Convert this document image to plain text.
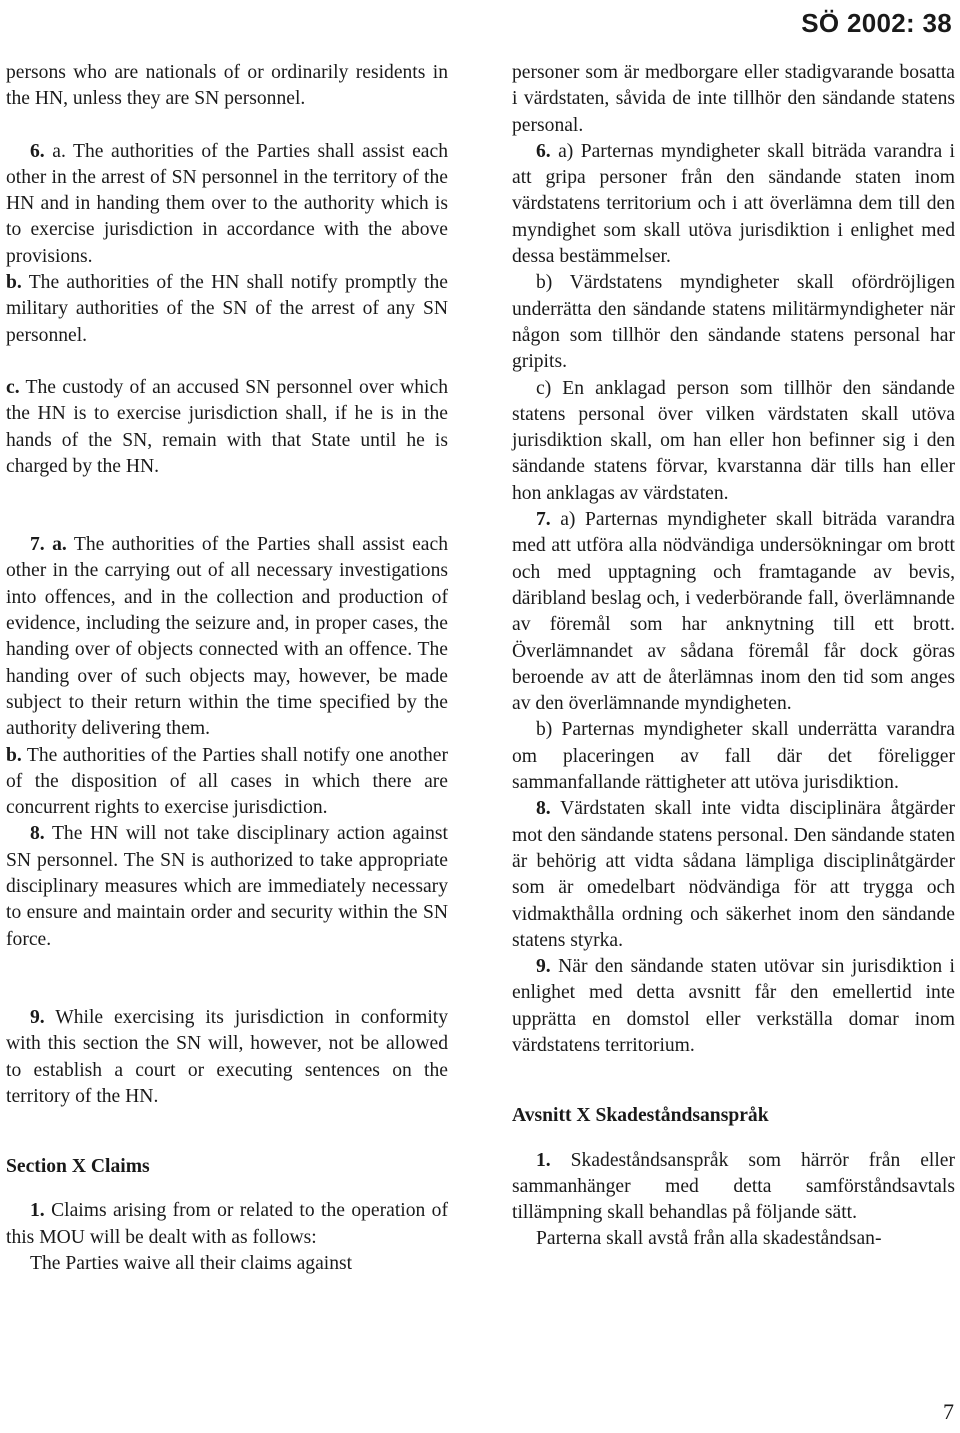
SÖ 2002: 38

persons who are nationals of or ordinarily residents in the HN, unless they are SN personnel.

6. a. The authorities of the Parties shall assist each other in the arrest of SN personnel in the territory of the HN and in handing them over to the authority which is to exercise jurisdiction in accordance with the above provisions.

b. The authorities of the HN shall notify promptly the military authorities of the SN of the arrest of any SN personnel.

c. The custody of an accused SN personnel over which the HN is to exercise jurisdiction shall, if he is in the hands of the SN, remain with that State until he is charged by the HN.

7. a. The authorities of the Parties shall assist each other in the carrying out of all necessary investigations into offences, and in the collection and production of evidence, including the seizure and, in proper cases, the handing over of objects connected with an offence. The handing over of such objects may, however, be made subject to their return within the time specified by the authority delivering them.

b. The authorities of the Parties shall notify one another of the disposition of all cases in which there are concurrent rights to exercise jurisdiction.

8. The HN will not take disciplinary action against SN personnel. The SN is authorized to take appropriate disciplinary measures which are immediately necessary to ensure and maintain order and security within the SN force.

9. While exercising its jurisdiction in conformity with this section the SN will, however, not be allowed to establish a court or executing sentences on the territory of the HN.

Section X Claims

1. Claims arising from or related to the operation of this MOU will be dealt with as follows:

The Parties waive all their claims against

personer som är medborgare eller stadigvarande bosatta i värdstaten, såvida de inte tillhör den sändande statens personal.

6. a) Parternas myndigheter skall biträda varandra i att gripa personer från den sändande staten inom värdstatens territorium och i att överlämna dem till den myndighet som skall utöva jurisdiktion i enlighet med dessa bestämmelser.

b) Värdstatens myndigheter skall ofördröjligen underrätta den sändande statens militärmyndigheter när någon som tillhör den sändande statens personal har gripits.

c) En anklagad person som tillhör den sändande statens personal över vilken värdstaten skall utöva jurisdiktion skall, om han eller hon befinner sig i den sändande statens förvar, kvarstanna där tills han eller hon anklagas av värdstaten.

7. a) Parternas myndigheter skall biträda varandra med att utföra alla nödvändiga undersökningar om brott och med upptagning och framtagande av bevis, däribland beslag och, i vederbörande fall, överlämnande av föremål som har anknytning till ett brott. Överlämnandet av sådana föremål får dock göras beroende av att de återlämnas inom den tid som anges av den överlämnande myndigheten.

b) Parternas myndigheter skall underrätta varandra om placeringen av fall där det föreligger sammanfallande rättigheter att utöva jurisdiktion.

8. Värdstaten skall inte vidta disciplinära åtgärder mot den sändande statens personal. Den sändande staten är behörig att vidta sådana lämpliga disciplinåtgärder som är omedelbart nödvändiga för att trygga och vidmakthålla ordning och säkerhet inom den sändande statens styrka.

9. När den sändande staten utövar sin jurisdiktion i enlighet med detta avsnitt får den emellertid inte upprätta en domstol eller verkställa domar inom värdstatens territorium.

Avsnitt X Skadeståndsanspråk

1. Skadeståndsanspråk som härrör från eller sammanhänger med detta samförståndsavtals tillämpning skall behandlas på följande sätt.

Parterna skall avstå från alla skadeståndsan-

7
